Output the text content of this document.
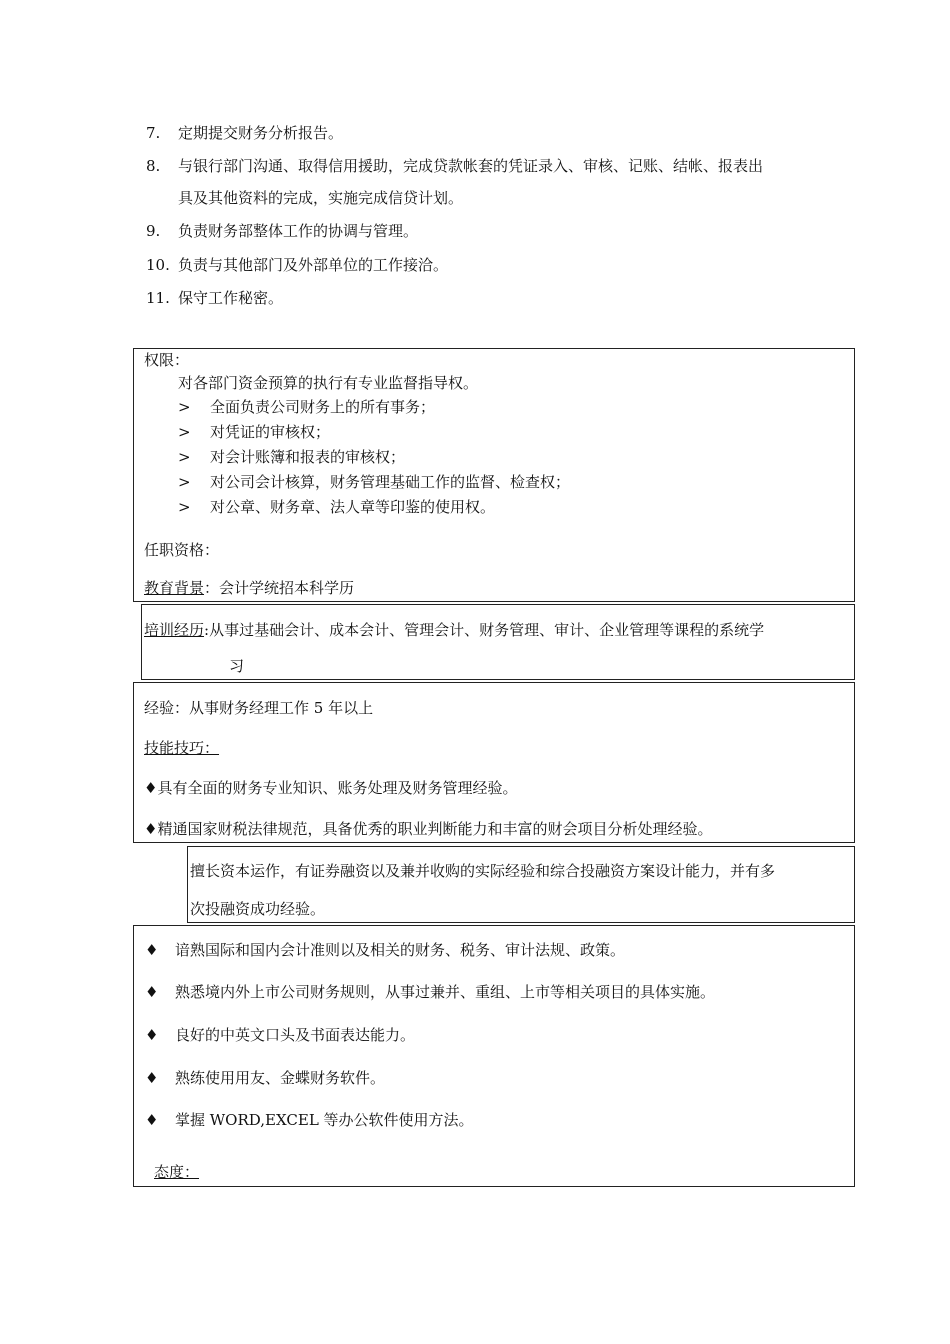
7. 定期提交财务分析报告。
8. 与银行部门沟通、取得信用援助，完成贷款帐套的凭证录入、审核、记账、结帐、报表出
具及其他资料的完成，实施完成信贷计划。
9. 负责财务部整体工作的协调与管理。
10. 负责与其他部门及外部单位的工作接洽。
11. 保守工作秘密。
权限：
对各部门资金预算的执行有专业监督指导权。
> 全面负责公司财务上的所有事务；
> 对凭证的审核权；
> 对会计账簿和报表的审核权；
> 对公司会计核算，财务管理基础工作的监督、检查权；
> 对公章、财务章、法人章等印鉴的使用权。
任职资格：
教育背景：会计学统招本科学历
培训经历:从事过基础会计、成本会计、管理会计、财务管理、审计、企业管理等课程的系统学
习
经验：从事财务经理工作 5 年以上
技能技巧：
♦具有全面的财务专业知识、账务处理及财务管理经验。
♦精通国家财税法律规范，具备优秀的职业判断能力和丰富的财会项目分析处理经验。
擅长资本运作，有证券融资以及兼并收购的实际经验和综合投融资方案设计能力，并有多
次投融资成功经验。
♦ 谙熟国际和国内会计准则以及相关的财务、税务、审计法规、政策。
♦ 熟悉境内外上市公司财务规则，从事过兼并、重组、上市等相关项目的具体实施。
♦ 良好的中英文口头及书面表达能力。
♦ 熟练使用用友、金蝶财务软件。
♦ 掌握 WORD,EXCEL 等办公软件使用方法。
态度：
